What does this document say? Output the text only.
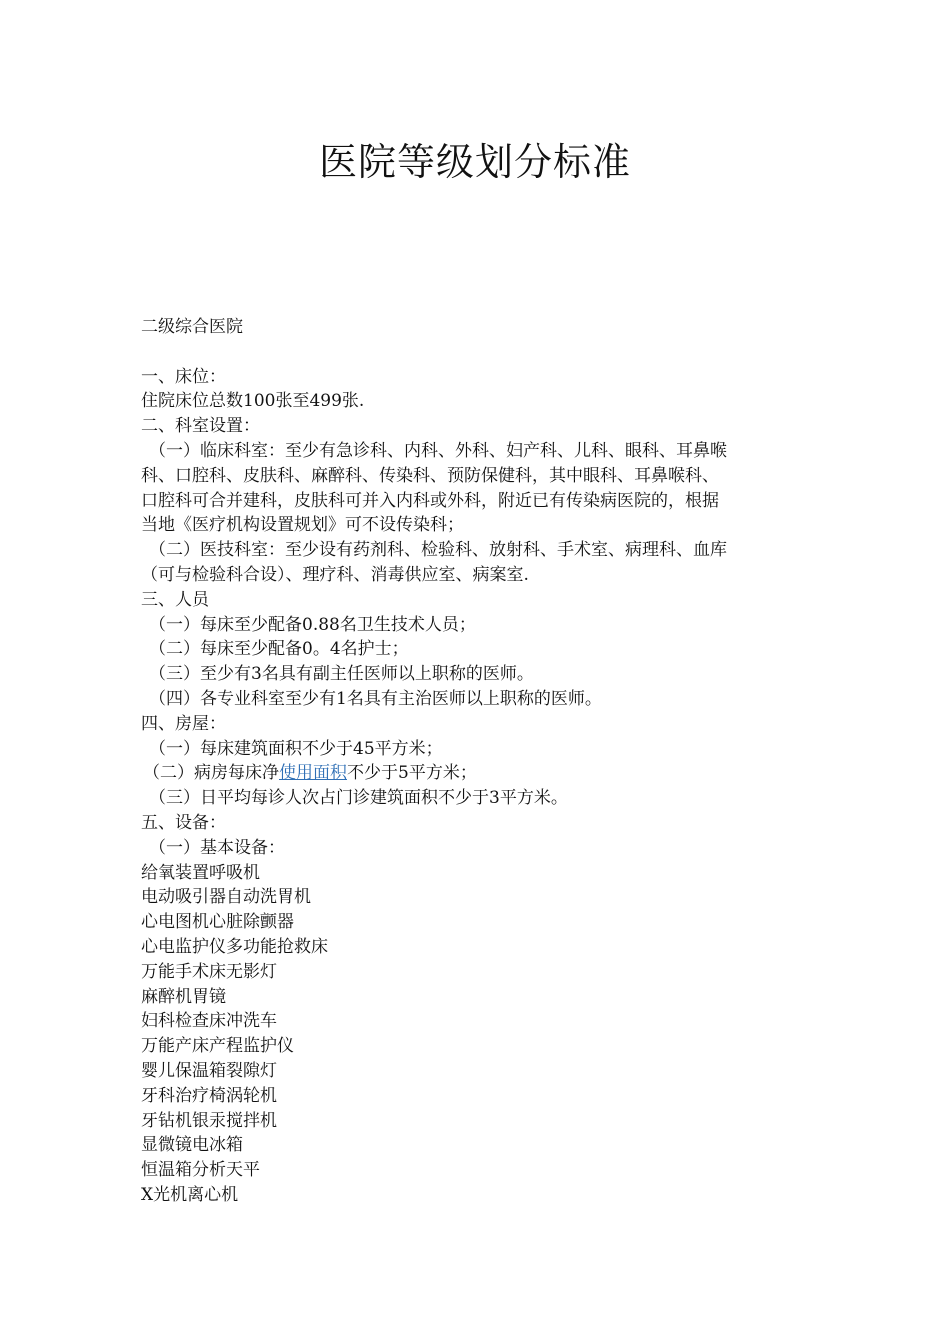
医院等级划分标准
二级综合医院
一、床位：
住院床位总数100张至499张.
二、科室设置：
（一）临床科室：至少有急诊科、内科、外科、妇产科、儿科、眼科、耳鼻喉
科、口腔科、皮肤科、麻醉科、传染科、预防保健科，其中眼科、耳鼻喉科、
口腔科可合并建科，皮肤科可并入内科或外科，附近已有传染病医院的，根据
当地《医疗机构设置规划》可不设传染科；
（二）医技科室：至少设有药剂科、检验科、放射科、手术室、病理科、血库
（可与检验科合设）、理疗科、消毒供应室、病案室.
三、人员
（一）每床至少配备0.88名卫生技术人员；
（二）每床至少配备0。4名护士；
（三）至少有3名具有副主任医师以上职称的医师。
（四）各专业科室至少有1名具有主治医师以上职称的医师。
四、房屋：
（一）每床建筑面积不少于45平方米；
（二）病房每床净使用面积不少于5平方米；
（三）日平均每诊人次占门诊建筑面积不少于3平方米。
五、设备：
（一）基本设备：
给氧装置呼吸机
电动吸引器自动洗胃机
心电图机心脏除颤器
心电监护仪多功能抢救床
万能手术床无影灯
麻醉机胃镜
妇科检查床冲洗车
万能产床产程监护仪
婴儿保温箱裂隙灯
牙科治疗椅涡轮机
牙钻机银汞搅拌机
显微镜电冰箱
恒温箱分析天平
X光机离心机
